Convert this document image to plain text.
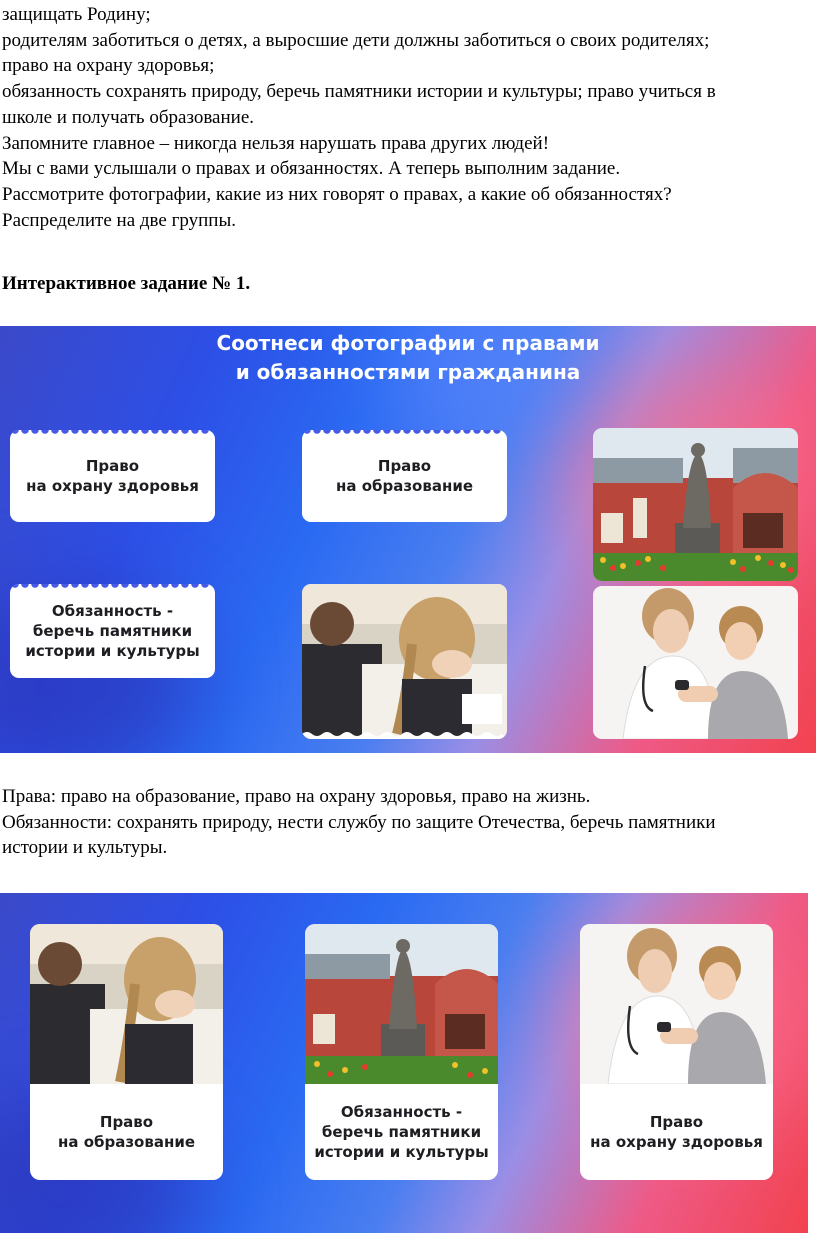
защищать Родину;

родителям заботиться о детях, а выросшие дети должны заботиться о своих родителях;

право на охрану здоровья;

обязанность сохранять природу, беречь памятники истории и культуры; право учиться в

школе и получать образование.

Запомните главное – никогда нельзя нарушать права других людей!

Мы с вами услышали о правах и обязанностях. А теперь выполним задание.

Рассмотрите фотографии, какие из них говорят о правах, а какие об обязанностях?

Распределите на две группы.

Интерактивное задание № 1.
Соотнеси фотографии с правами
и обязанностями гражданина
Право
на охрану здоровья
Право
на образование
Обязанность -
беречь памятники
истории и культуры

Права: право на образование, право на охрану здоровья, право на жизнь.

Обязанности: сохранять природу, нести службу по защите Отечества, беречь памятники

истории и культуры.

Право
на образование
Обязанность -
беречь памятники
истории и культуры
Право
на охрану здоровья
